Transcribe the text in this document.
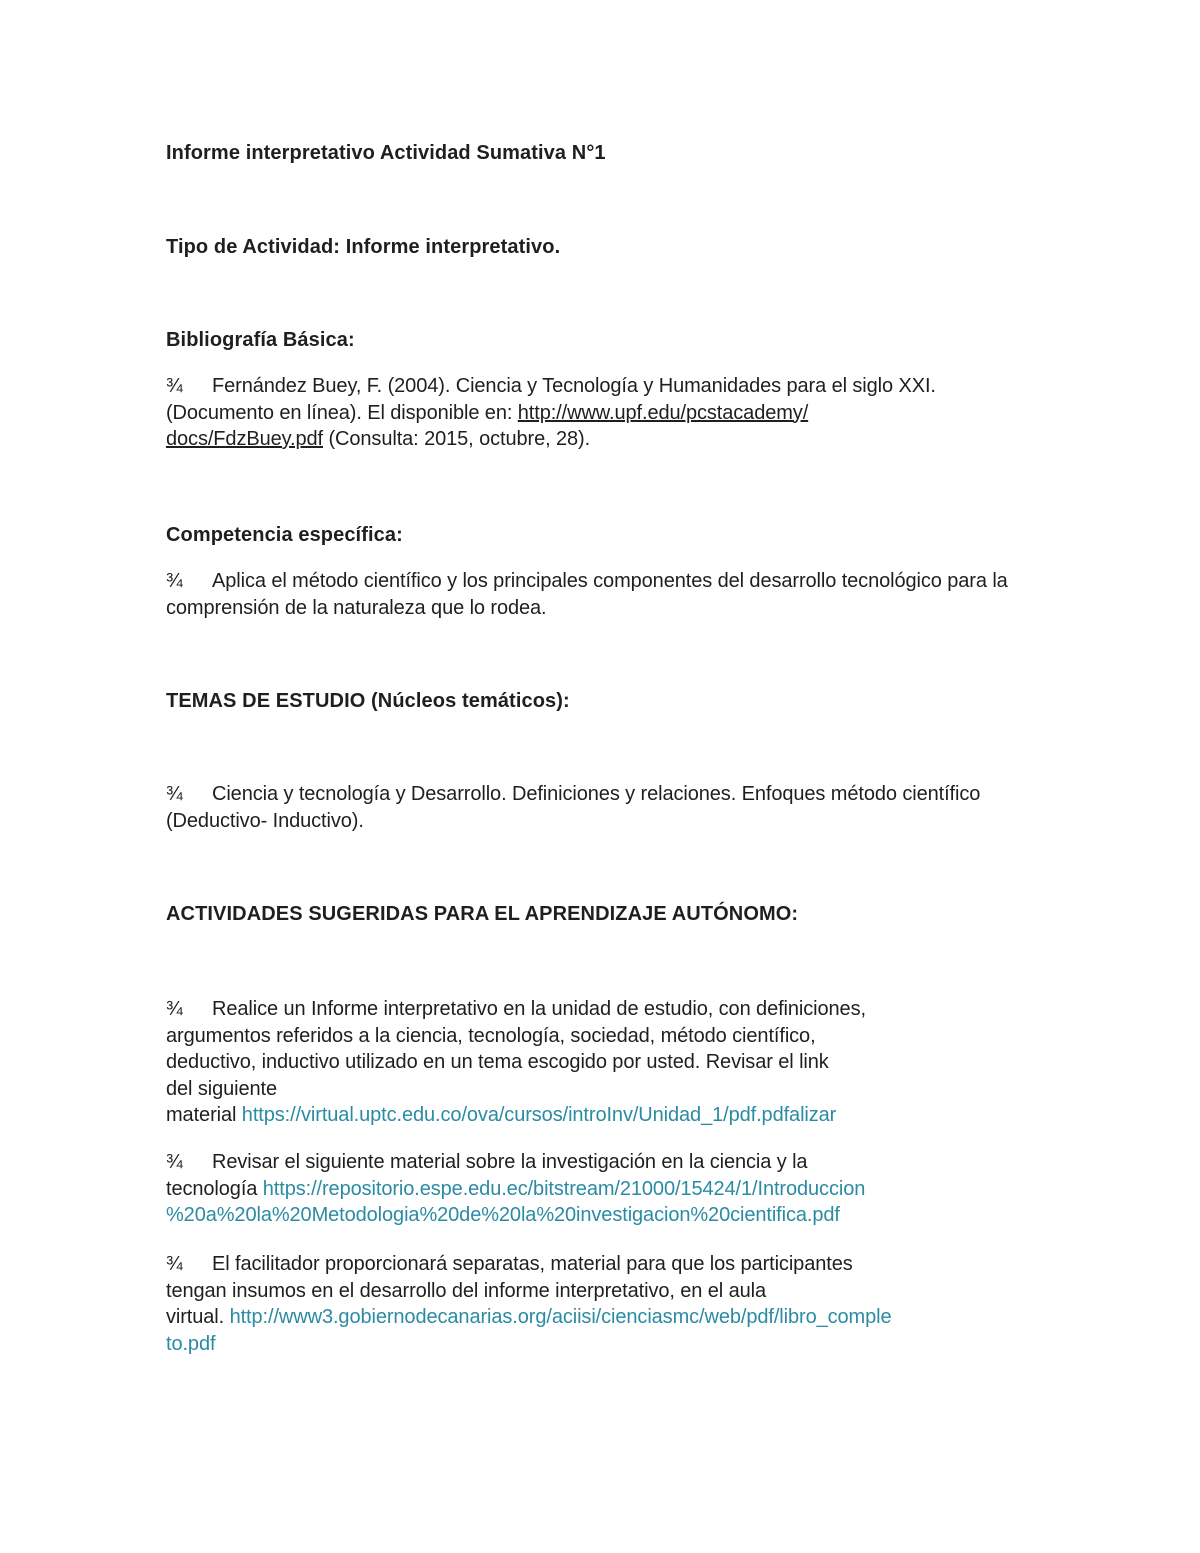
Informe interpretativo Actividad Sumativa N°1
Tipo de Actividad: Informe interpretativo.
Bibliografía Básica:
¾ Fernández Buey, F. (2004). Ciencia y Tecnología y Humanidades para el siglo XXI. (Documento en línea). El disponible en: http://www.upf.edu/pcstacademy/
docs/FdzBuey.pdf (Consulta: 2015, octubre, 28).
Competencia específica:
¾ Aplica el método científico y los principales componentes del desarrollo tecnológico para la comprensión de la naturaleza que lo rodea.
TEMAS DE ESTUDIO (Núcleos temáticos):
¾ Ciencia y tecnología y Desarrollo. Definiciones y relaciones. Enfoques método científico (Deductivo- Inductivo).
ACTIVIDADES SUGERIDAS PARA EL APRENDIZAJE AUTÓNOMO:
¾ Realice un Informe interpretativo en la unidad de estudio, con definiciones,
argumentos referidos a la ciencia, tecnología, sociedad, método científico,
deductivo, inductivo utilizado en un tema escogido por usted. Revisar el link
del siguiente
material https://virtual.uptc.edu.co/ova/cursos/introInv/Unidad_1/pdf.pdfalizar
¾ Revisar el siguiente material sobre la investigación en la ciencia y la
tecnología https://repositorio.espe.edu.ec/bitstream/21000/15424/1/Introduccion
%20a%20la%20Metodologia%20de%20la%20investigacion%20cientifica.pdf
¾ El facilitador proporcionará separatas, material para que los participantes
tengan insumos en el desarrollo del informe interpretativo, en el aula
virtual. http://www3.gobiernodecanarias.org/aciisi/cienciasmc/web/pdf/libro_comple
to.pdf
